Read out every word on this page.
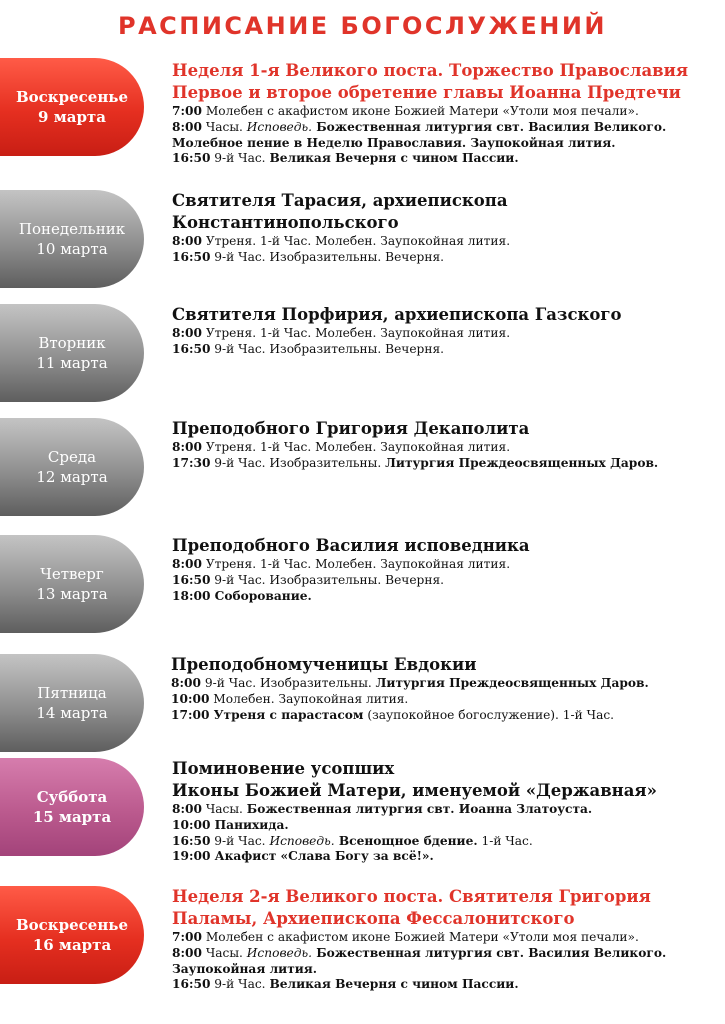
РАСПИСАНИЕ БОГОСЛУЖЕНИЙ
Воскресенье
9 марта

Неделя 1-я Великого поста. Торжество Православия

Первое и второе обретение главы Иоанна Предтечи

7:00 Молебен с акафистом иконе Божией Матери «Утоли моя печали».

8:00 Часы. Исповедь. Божественная литургия свт. Василия Великого.

Молебное пение в Неделю Православия. Заупокойная лития.

16:50 9-й Час. Великая Вечерня с чином Пассии.

Понедельник
10 марта

Святителя Тарасия, архиепископа

Константинопольского

8:00 Утреня. 1-й Час. Молебен. Заупокойная лития.

16:50 9-й Час. Изобразительны. Вечерня.

Вторник
11 марта

Святителя Порфирия, архиепископа Газского

8:00 Утреня. 1-й Час. Молебен. Заупокойная лития.

16:50 9-й Час. Изобразительны. Вечерня.

Среда
12 марта

Преподобного Григория Декаполита

8:00 Утреня. 1-й Час. Молебен. Заупокойная лития.

17:30 9-й Час. Изобразительны. Литургия Преждеосвященных Даров.

Четверг
13 марта

Преподобного Василия исповедника

8:00 Утреня. 1-й Час. Молебен. Заупокойная лития.

16:50 9-й Час. Изобразительны. Вечерня.

18:00 Соборование.

Пятница
14 марта

Преподобномученицы Евдокии

8:00 9-й Час. Изобразительны. Литургия Преждеосвященных Даров.

10:00 Молебен. Заупокойная лития.

17:00 Утреня с парастасом (заупокойное богослужение). 1-й Час.

Суббота
15 марта

Поминовение усопших

Иконы Божией Матери, именуемой «Державная»

8:00 Часы. Божественная литургия свт. Иоанна Златоуста.

10:00 Панихида.

16:50 9-й Час. Исповедь. Всенощное бдение. 1-й Час.

19:00 Акафист «Слава Богу за всё!».

Воскресенье
16 марта

Неделя 2-я Великого поста. Святителя Григория

Паламы, Архиепископа Фессалонитского

7:00 Молебен с акафистом иконе Божией Матери «Утоли моя печали».

8:00 Часы. Исповедь. Божественная литургия свт. Василия Великого.

Заупокойная лития.

16:50 9-й Час. Великая Вечерня с чином Пассии.
